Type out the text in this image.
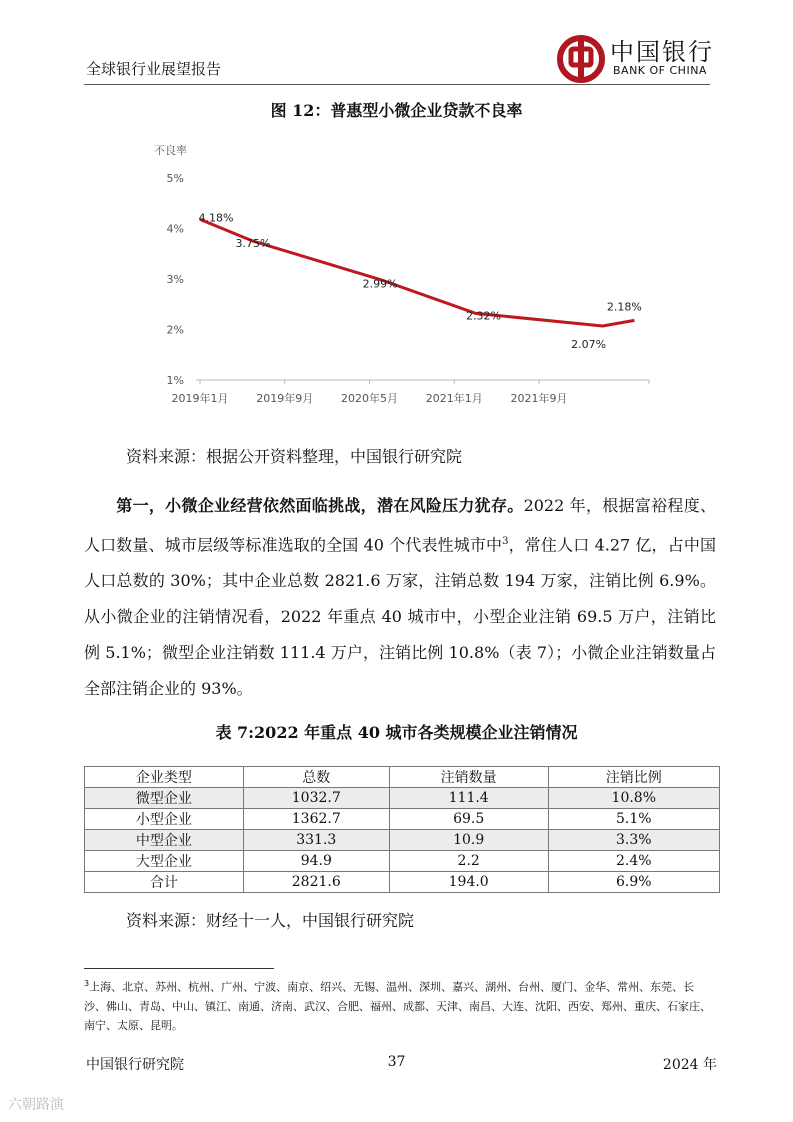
全球银行业展望报告
中国银行
BANK OF CHINA
图 12：普惠型小微企业贷款不良率
不良率
5%
4%
3%
2%
1%
2019年1月	2019年9月	2020年5月	2021年1月	2021年9月
4.18%
3.75%
2.99%
2.32%
2.07%
2.18%
资料来源：根据公开资料整理，中国银行研究院
第一，小微企业经营依然面临挑战，潜在风险压力犹存。2022 年，根据富裕程度、人口数量、城市层级等标准选取的全国 40 个代表性城市中$^3$，常住人口 4.27 亿，占中国人口总数的 30%；其中企业总数 2821.6 万家，注销总数 194 万家，注销比例 6.9%。从小微企业的注销情况看，2022 年重点 40 城市中，小型企业注销 69.5 万户，注销比例 5.1%；微型企业注销数 111.4 万户，注销比例 10.8%（表 7）；小微企业注销数量占全部注销企业的 93%。
表 7:2022 年重点 40 城市各类规模企业注销情况
企业类型	总数	注销数量	注销比例
微型企业	1032.7	111.4	10.8%
小型企业	1362.7	69.5	5.1%
中型企业	331.3	10.9	3.3%
大型企业	94.9	2.2	2.4%
合计	2821.6	194.0	6.9%
资料来源：财经十一人，中国银行研究院
$^3$上海、北京、苏州、杭州、广州、宁波、南京、绍兴、无锡、温州、深圳、嘉兴、湖州、台州、厦门、金华、常州、东莞、长沙、佛山、青岛、中山、镇江、南通、济南、武汉、合肥、福州、成都、天津、南昌、大连、沈阳、西安、郑州、重庆、石家庄、南宁、太原、昆明。
中国银行研究院	37	2024 年
六朝路演
